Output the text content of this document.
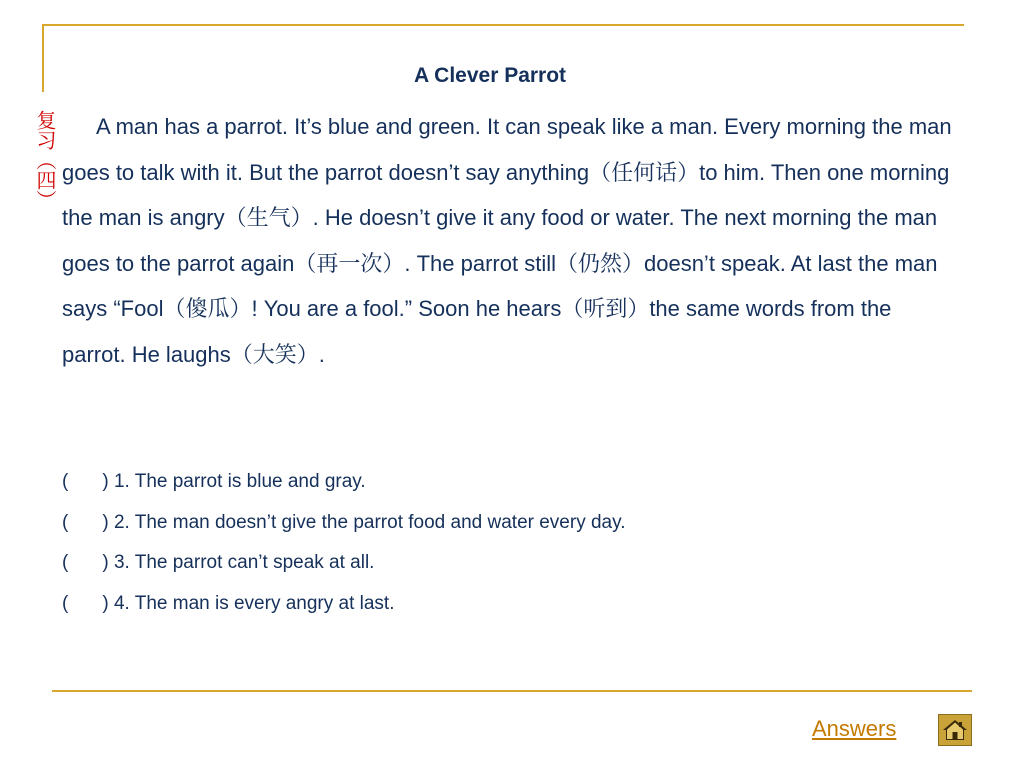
复习（四）
A Clever Parrot

A man has a parrot. It’s blue and green. It can speak like a man. Every morning the man goes to talk with it. But the parrot doesn’t say anything（任何话）to him. Then one morning the man is angry（生气）. He doesn’t give it any food or water. The next morning the man goes to the parrot again（再一次）. The parrot still（仍然）doesn’t speak. At last the man says “Fool（傻瓜）! You are a fool.” Soon he hears（听到）the same words from the parrot. He laughs（大笑）.

( ) 1. The parrot is blue and gray.
( ) 2. The man doesn’t give the parrot food and water every day.
( ) 3. The parrot can’t speak at all.
( ) 4. The man is every angry at last.
Answers
